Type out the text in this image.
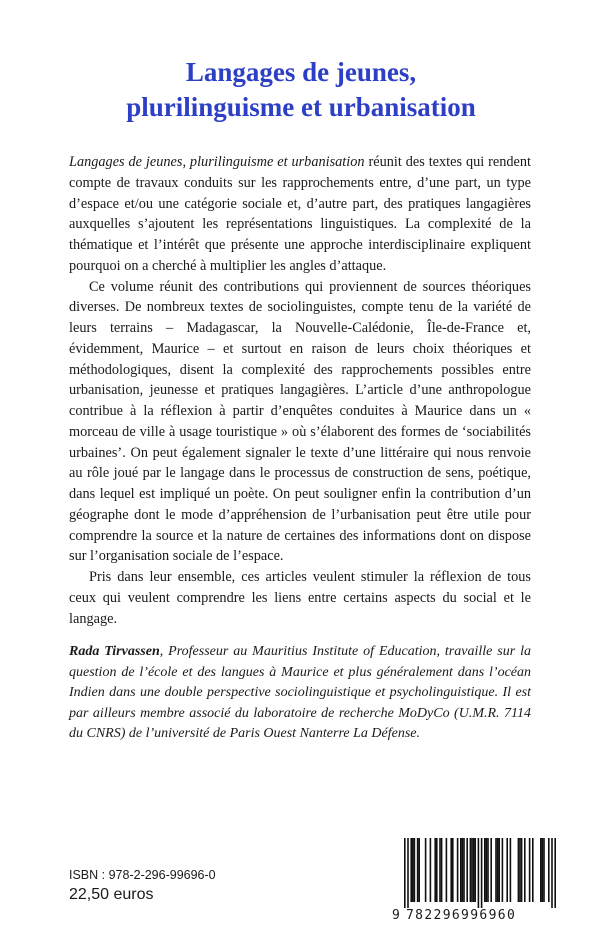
Langages de jeunes,
plurilinguisme et urbanisation

Langages de jeunes, plurilinguisme et urbanisation réunit des textes qui rendent compte de travaux conduits sur les rapprochements entre, d’une part, un type d’espace et/ou une catégorie sociale et, d’autre part, des pratiques langagières auxquelles s’ajoutent les représentations linguistiques. La complexité de la thématique et l’intérêt que présente une approche interdisciplinaire expliquent pourquoi on a cherché à multiplier les angles d’attaque.

Ce volume réunit des contributions qui proviennent de sources théoriques diverses. De nombreux textes de sociolinguistes, compte tenu de la variété de leurs terrains – Madagascar, la Nouvelle-Calédonie, Île-de-France et, évidemment, Maurice – et surtout en raison de leurs choix théoriques et méthodologiques, disent la complexité des rapprochements possibles entre urbanisation, jeunesse et pratiques langagières. L’article d’une anthropologue contribue à la réflexion à partir d’enquêtes conduites à Maurice dans un « morceau de ville à usage touristique » où s’élaborent des formes de ‘sociabilités urbaines’. On peut également signaler le texte d’une littéraire qui nous renvoie au rôle joué par le langage dans le processus de construction de sens, poétique, dans lequel est impliqué un poète. On peut souligner enfin la contribution d’un géographe dont le mode d’appréhension de l’urbanisation peut être utile pour comprendre la source et la nature de certaines des informations dont on dispose sur l’organisation sociale de l’espace.

Pris dans leur ensemble, ces articles veulent stimuler la réflexion de tous ceux qui veulent comprendre les liens entre certains aspects du social et le langage.

Rada Tirvassen, Professeur au Mauritius Institute of Education, travaille sur la question de l’école et des langues à Maurice et plus généralement dans l’océan Indien dans une double perspective sociolinguistique et psycholinguistique. Il est par ailleurs membre associé du laboratoire de recherche MoDyCo (U.M.R. 7114 du CNRS) de l’université de Paris Ouest Nanterre La Défense.

ISBN : 978-2-296-99696-0
22,50 euros
9 782296996960
